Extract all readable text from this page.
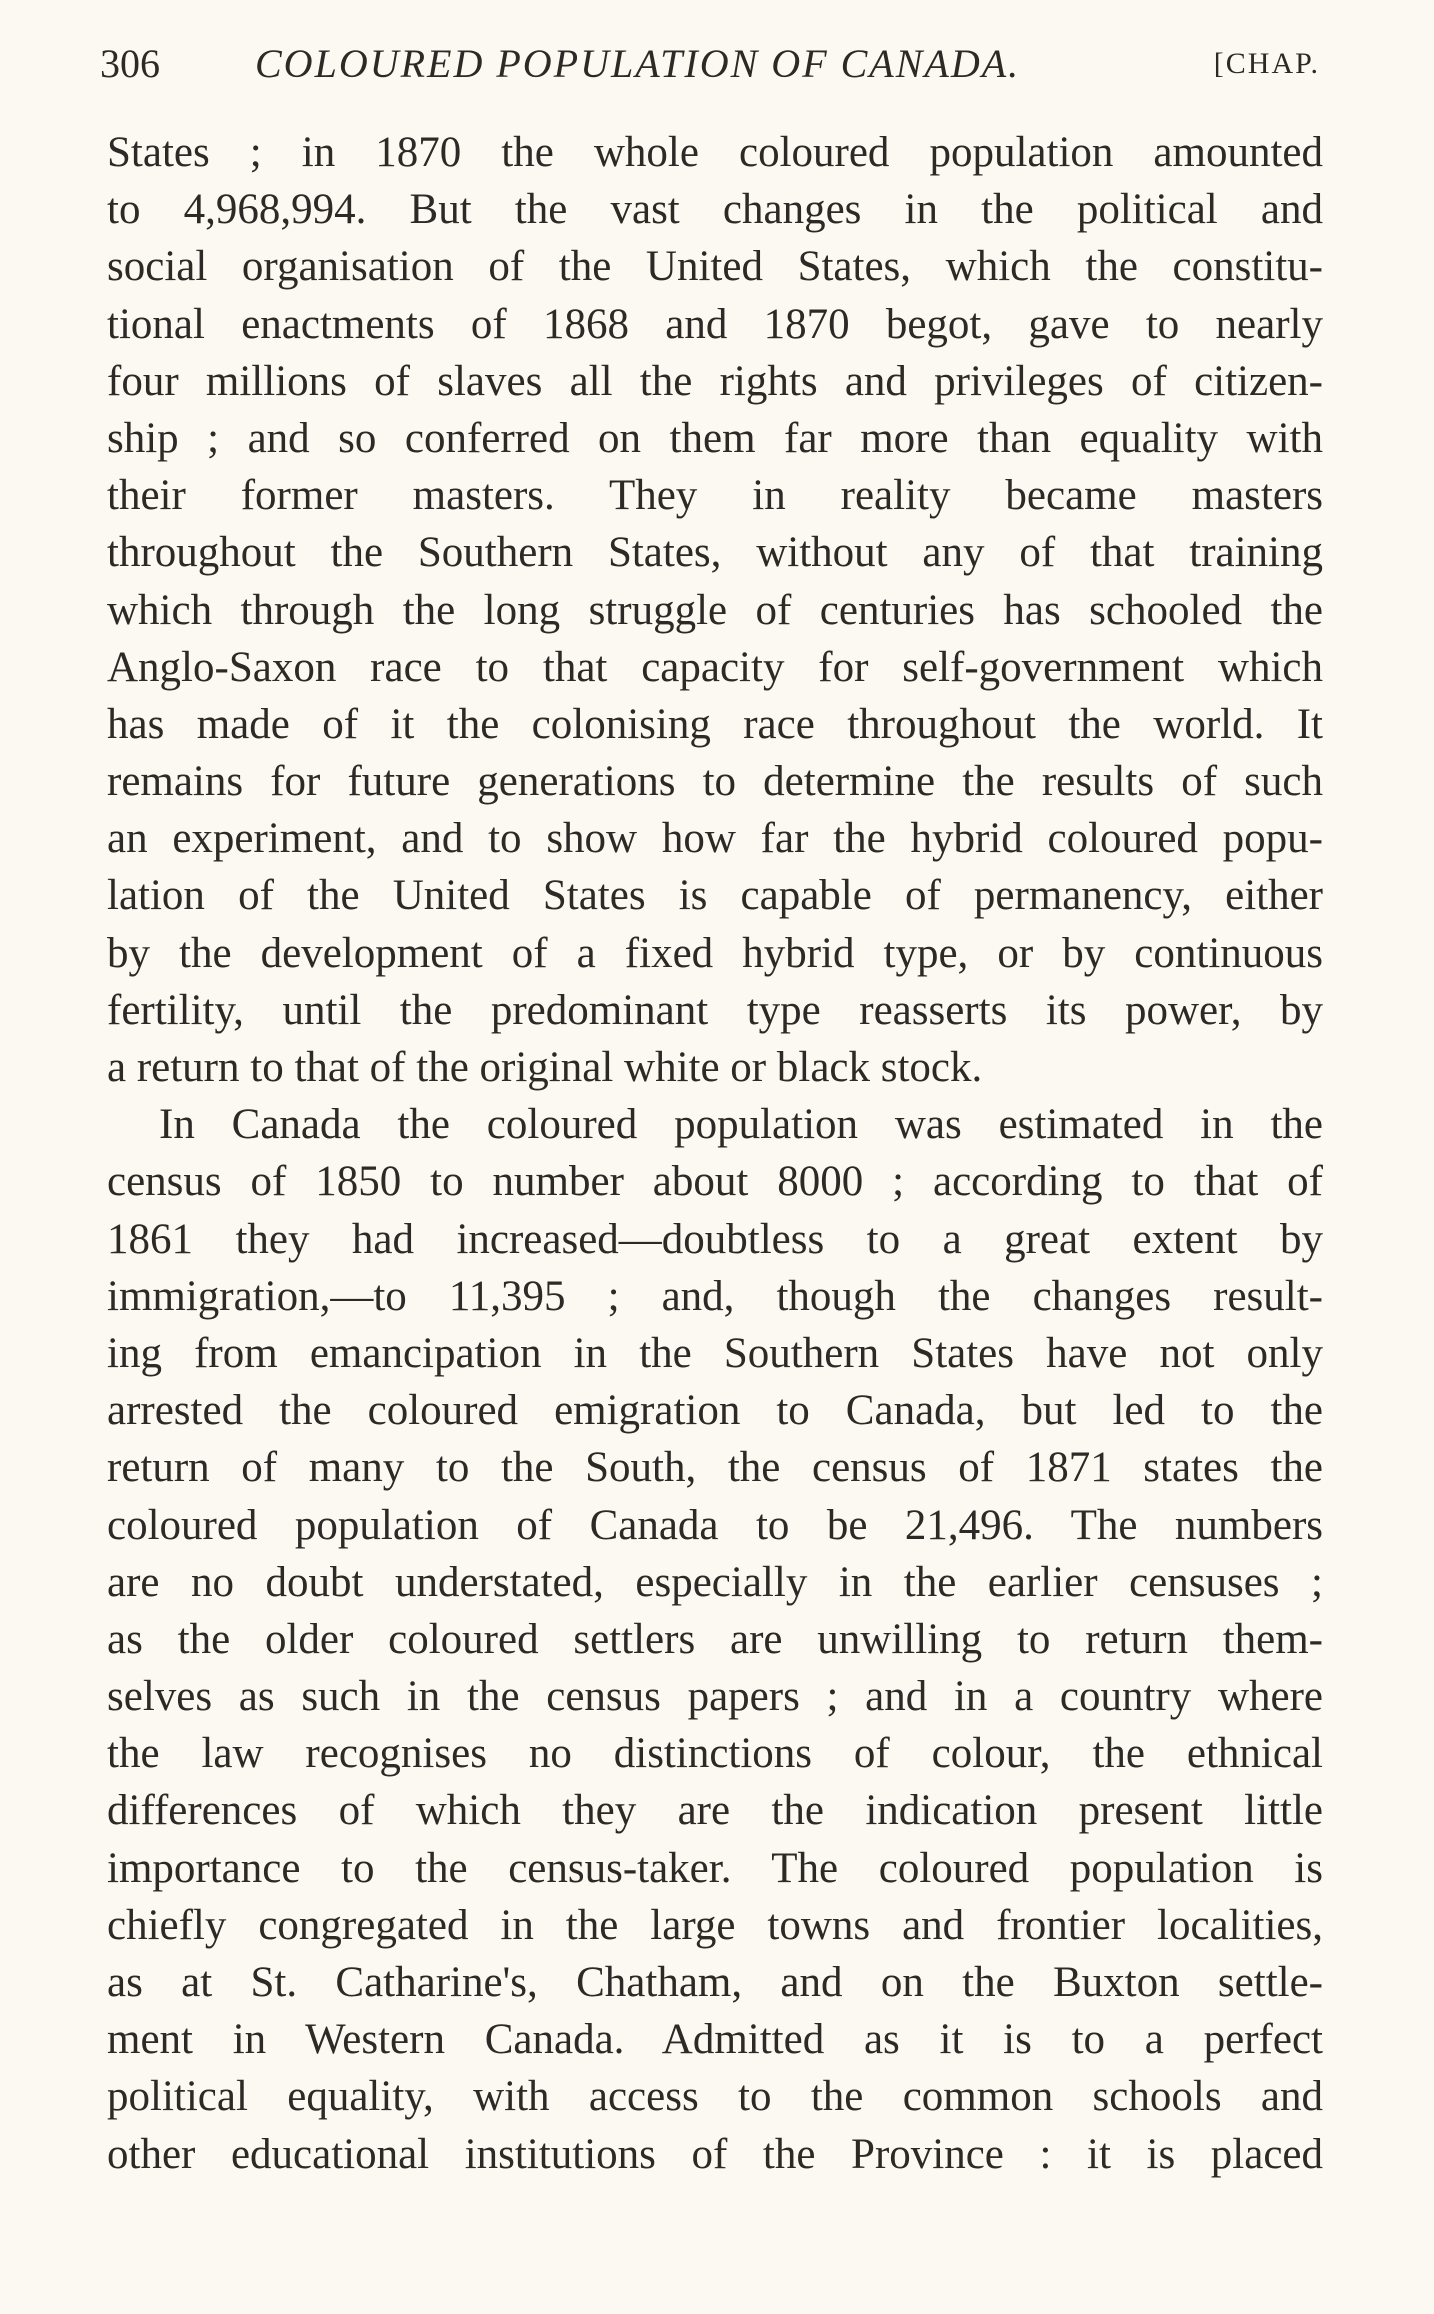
306 COLOURED POPULATION OF CANADA.	[CHAP.
States ; in 1870 the whole coloured population amounted
to 4,968,994. But the vast changes in the political and
social organisation of the United States, which the constitu-
tional enactments of 1868 and 1870 begot, gave to nearly
four millions of slaves all the rights and privileges of citizen-
ship ; and so conferred on them far more than equality with
their former masters. They in reality became masters
throughout the Southern States, without any of that training
which through the long struggle of centuries has schooled the
Anglo-Saxon race to that capacity for self-government which
has made of it the colonising race throughout the world. It
remains for future generations to determine the results of such
an experiment, and to show how far the hybrid coloured popu-
lation of the United States is capable of permanency, either
by the development of a fixed hybrid type, or by continuous
fertility, until the predominant type reasserts its power, by
a return to that of the original white or black stock.
In Canada the coloured population was estimated in the
census of 1850 to number about 8000 ; according to that of
1861 they had increased—doubtless to a great extent by
immigration,—to 11,395 ; and, though the changes result-
ing from emancipation in the Southern States have not only
arrested the coloured emigration to Canada, but led to the
return of many to the South, the census of 1871 states the
coloured population of Canada to be 21,496. The numbers
are no doubt understated, especially in the earlier censuses ;
as the older coloured settlers are unwilling to return them-
selves as such in the census papers ; and in a country where
the law recognises no distinctions of colour, the ethnical
differences of which they are the indication present little
importance to the census-taker. The coloured population is
chiefly congregated in the large towns and frontier localities,
as at St. Catharine's, Chatham, and on the Buxton settle-
ment in Western Canada. Admitted as it is to a perfect
political equality, with access to the common schools and
other educational institutions of the Province : it is placed
